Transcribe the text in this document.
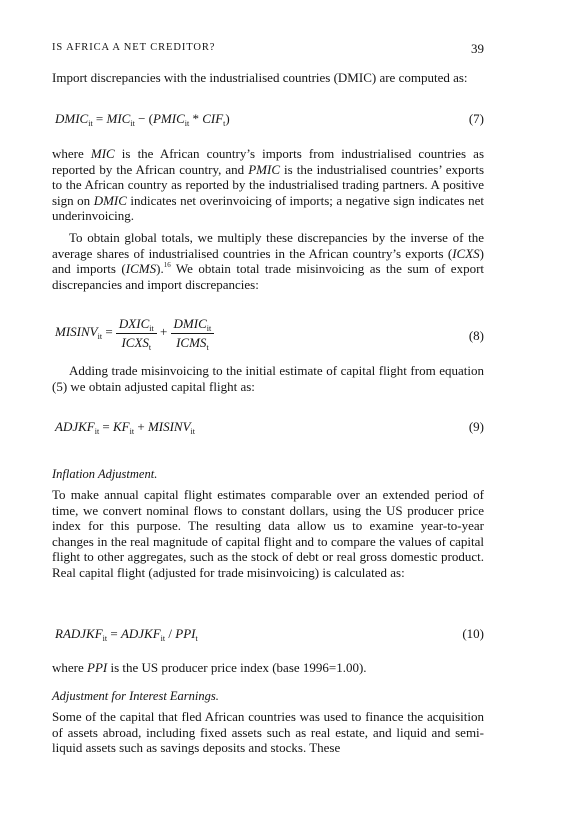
IS AFRICA A NET CREDITOR?	39

Import discrepancies with the industrialised countries (DMIC) are computed as:

$DMIC_{it} = MIC_{it}$ − $(PMIC_{it} * CIF_t)$	(7)

where MIC is the African country’s imports from industrialised countries as reported by the African country, and PMIC is the industrialised countries’ exports to the African country as reported by the industrialised trading partners. A positive sign on DMIC indicates net overinvoicing of imports; a negative sign indicates net underinvoicing.

To obtain global totals, we multiply these discrepancies by the inverse of the average shares of industrialised countries in the African country’s exports (ICXS) and imports (ICMS).$^{16}$ We obtain total trade misinvoicing as the sum of export discrepancies and import discrepancies:

$MISINV_{it} = \frac{DXIC_{it}}{ICXS_t} + \frac{DMIC_{it}}{ICMS_t}$	(8)

Adding trade misinvoicing to the initial estimate of capital flight from equation (5) we obtain adjusted capital flight as:

$ADJKF_{it} = KF_{it}$ + $MISINV_{it}$	(9)
Inflation Adjustment.

To make annual capital flight estimates comparable over an extended period of time, we convert nominal flows to constant dollars, using the US producer price index for this purpose. The resulting data allow us to examine year-to-year changes in the real magnitude of capital flight and to compare the values of capital flight to other aggregates, such as the stock of debt or real gross domestic product. Real capital flight (adjusted for trade misinvoicing) is calculated as:

$RADJKF_{it}$ = $ADJKF_{it} / PPI_t$	(10)

where PPI is the US producer price index (base 1996=1.00).

Adjustment for Interest Earnings.

Some of the capital that fled African countries was used to finance the acquisition of assets abroad, including fixed assets such as real estate, and liquid and semi-liquid assets such as savings deposits and stocks. These
